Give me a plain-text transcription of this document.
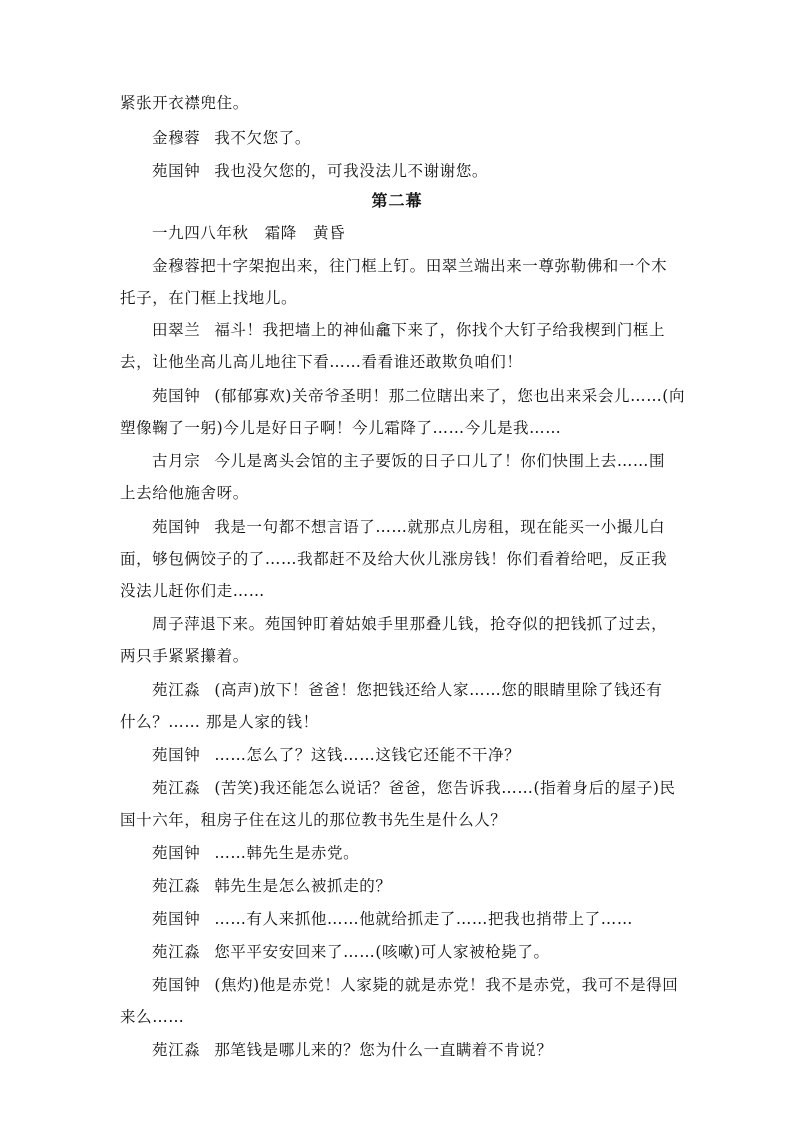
紧张开衣襟兜住。
金穆蓉 我不欠您了。
苑国钟 我也没欠您的，可我没法儿不谢谢您。
第二幕
一九四八年秋　霜降　黄昏
金穆蓉把十字架抱出来，往门框上钉。田翠兰端出来一尊弥勒佛和一个木
托子，在门框上找地儿。
田翠兰 福斗！我把墙上的神仙龕下来了，你找个大钉子给我楔到门框上
去，让他坐高儿高儿地往下看……看看谁还敢欺负咱们！
苑国钟 (郁郁寡欢)关帝爷圣明！那二位瞎出来了，您也出来采会儿……(向
塑像鞠了一躬)今儿是好日子啊！今儿霜降了……今儿是我……
古月宗 今儿是离头会馆的主子要饭的日子口儿了！你们快围上去……围
上去给他施舍呀。
苑国钟 我是一句都不想言语了……就那点儿房租，现在能买一小撮儿白
面，够包俩饺子的了……我都赶不及给大伙儿涨房钱！你们看着给吧，反正我
没法儿赶你们走……
周子萍退下来。苑国钟盯着姑娘手里那叠儿钱，抢夺似的把钱抓了过去，
两只手紧紧攥着。
苑江淼 (高声)放下！爸爸！您把钱还给人家……您的眼睛里除了钱还有
什么？…… 那是人家的钱！
苑国钟 ……怎么了？这钱……这钱它还能不干净？
苑江淼 (苦笑)我还能怎么说话？爸爸，您告诉我……(指着身后的屋子)民
国十六年，租房子住在这儿的那位教书先生是什么人？
苑国钟 ……韩先生是赤党。
苑江淼 韩先生是怎么被抓走的？
苑国钟 ……有人来抓他……他就给抓走了……把我也捎带上了……
苑江淼 您平平安安回来了……(咳嗽)可人家被枪毙了。
苑国钟 (焦灼)他是赤党！人家毙的就是赤党！我不是赤党，我可不是得回
来么……
苑江淼 那笔钱是哪儿来的？您为什么一直瞒着不肯说？
